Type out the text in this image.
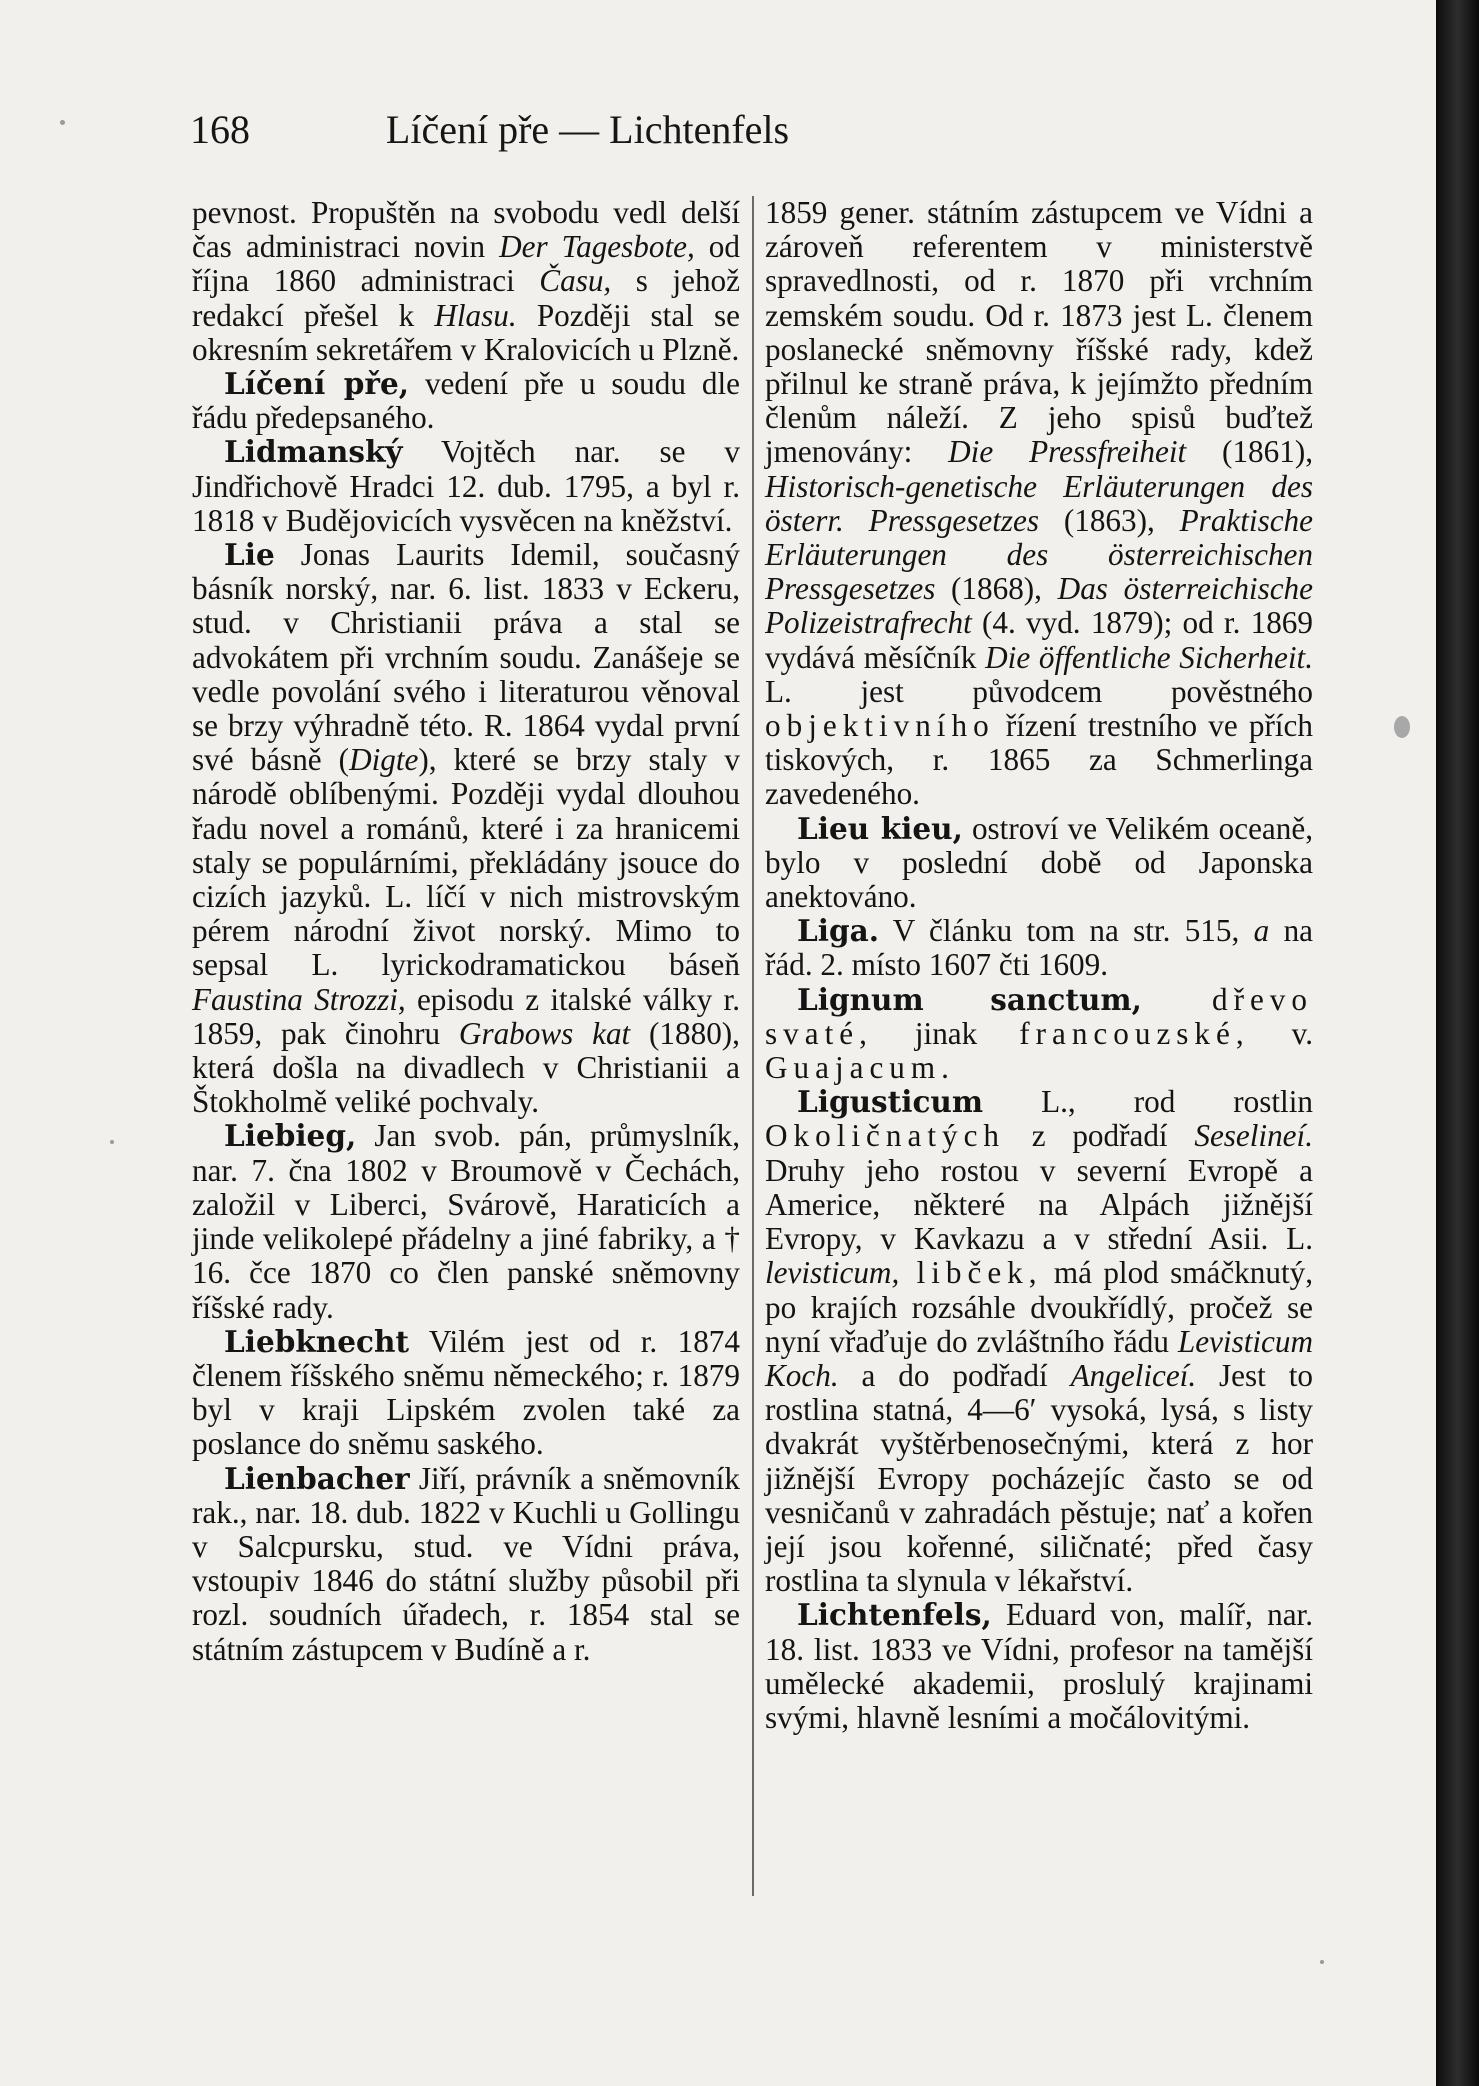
168	Líčení pře — Lichtenfels

pevnost. Propuštěn na svobodu vedl delší čas administraci novin Der Tagesbote, od října 1860 administraci Času, s jehož redakcí přešel k Hlasu. Později stal se okresním sekretářem v Kralovicích u Plzně.

Líčení pře, vedení pře u soudu dle řádu předepsaného.

Lidmanský Vojtěch nar. se v Jindřichově Hradci 12. dub. 1795, a byl r. 1818 v Budějovicích vysvěcen na kněžství.

Lie Jonas Laurits Idemil, současný básník norský, nar. 6. list. 1833 v Eckeru, stud. v Christianii práva a stal se advokátem při vrchním soudu. Zanášeje se vedle povolání svého i literaturou věnoval se brzy výhradně této. R. 1864 vydal první své básně (Digte), které se brzy staly v národě oblíbenými. Později vydal dlouhou řadu novel a románů, které i za hranicemi staly se populárními, překládány jsouce do cizích jazyků. L. líčí v nich mistrovským pérem národní život norský. Mimo to sepsal L. lyrickodramatickou báseň Faustina Strozzi, episodu z italské války r. 1859, pak činohru Grabows kat (1880), která došla na divadlech v Christianii a Štokholmě veliké pochvaly.

Liebieg, Jan svob. pán, průmyslník, nar. 7. čna 1802 v Broumově v Čechách, založil v Liberci, Svárově, Haraticích a jinde velikolepé přádelny a jiné fabriky, a † 16. čce 1870 co člen panské sněmovny říšské rady.

Liebknecht Vilém jest od r. 1874 členem říšského sněmu německého; r. 1879 byl v kraji Lipském zvolen také za poslance do sněmu saského.

Lienbacher Jiří, právník a sněmovník rak., nar. 18. dub. 1822 v Kuchli u Gollingu v Salcpursku, stud. ve Vídni práva, vstoupiv 1846 do státní služby působil při rozl. soudních úřadech, r. 1854 stal se státním zástupcem v Budíně a r.

1859 gener. státním zástupcem ve Vídni a zároveň referentem v ministerstvě spravedlnosti, od r. 1870 při vrchním zemském soudu. Od r. 1873 jest L. členem poslanecké sněmovny říšské rady, kdež přilnul ke straně práva, k jejímžto předním členům náleží. Z jeho spisů buďtež jmenovány: Die Pressfreiheit (1861), Historisch-genetische Erläuterungen des österr. Pressgesetzes (1863), Praktische Erläuterungen des österreichischen Pressgesetzes (1868), Das österreichische Polizeistrafrecht (4. vyd. 1879); od r. 1869 vydává měsíčník Die öffentliche Sicherheit. L. jest původcem pověstného objektivního řízení trestního ve přích tiskových, r. 1865 za Schmerlinga zavedeného.

Lieu kieu, ostroví ve Velikém oceaně, bylo v poslední době od Japonska anektováno.

Liga. V článku tom na str. 515, a na řád. 2. místo 1607 čti 1609.

Lignum sanctum, dřevo svaté, jinak francouzské, v. Guajacum.

Ligusticum L., rod rostlin Okoličnatých z podřadí Seselineí. Druhy jeho rostou v severní Evropě a Americe, některé na Alpách jižnější Evropy, v Kavkazu a v střední Asii. L. levisticum, libček, má plod smáčknutý, po krajích rozsáhle dvoukřídlý, pročež se nyní vřaďuje do zvláštního řádu Levisticum Koch. a do podřadí Angeliceí. Jest to rostlina statná, 4—6′ vysoká, lysá, s listy dvakrát vyštěrbenosečnými, která z hor jižnější Evropy pocházejíc často se od vesničanů v zahradách pěstuje; nať a kořen její jsou kořenné, siličnaté; před časy rostlina ta slynula v lékařství.

Lichtenfels, Eduard von, malíř, nar. 18. list. 1833 ve Vídni, profesor na tamější umělecké akademii, proslulý krajinami svými, hlavně lesními a močálovitými.
